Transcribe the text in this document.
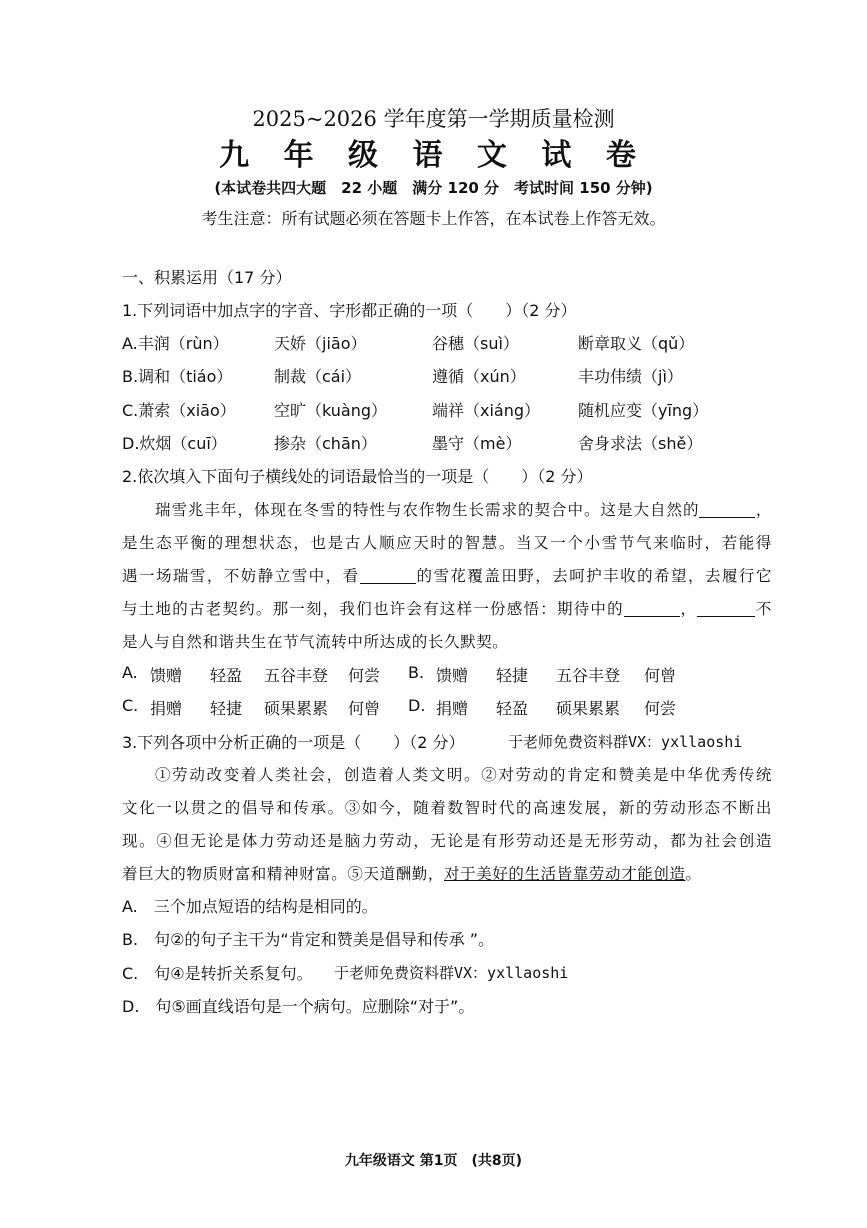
2025~2026 学年度第一学期质量检测
九 年 级 语 文 试 卷
(本试卷共四大题　22 小题　满分 120 分　考试时间 150 分钟)
考生注意：所有试题必须在答题卡上作答，在本试卷上作答无效。
一、积累运用（17 分）
1.下列词语中加点字的字音、字形都正确的一项（　　）（2 分）
A.丰润（rùn）	天娇（jiāo）	谷穗（suì）	断章取义（qǔ）
B.调和（tiáo）	制裁（cái）	遵循（xún）	丰功伟绩（jì）
C.萧索（xiāo） 空旷（kuàng）	端祥（xiáng） 随机应变（yīng）
D.炊烟（cuī）	掺杂（chān）	墨守（mè）	舍身求法（shě）
2.依次填入下面句子横线处的词语最恰当的一项是（　　）（2 分）
瑞雪兆丰年，体现在冬雪的特性与农作物生长需求的契合中。这是大自然的	，
是生态平衡的理想状态，也是古人顺应天时的智慧。当又一个小雪节气来临时，若能得
遇一场瑞雪，不妨静立雪中，看	的雪花覆盖田野，去呵护丰收的希望，去履行它
与土地的古老契约。那一刻，我们也许会有这样一份感悟：期待中的	，	不
是人与自然和谐共生在节气流转中所达成的长久默契。
A. 馈赠 轻盈 五谷丰登 何尝 B. 馈赠 轻捷 五谷丰登 何曾
C. 捐赠 轻捷 硕果累累 何曾 D. 捐赠 轻盈 硕果累累 何尝
3.下列各项中分析正确的一项是（　　）（2 分）	于老师免费资料群VX：yxllaoshi
①劳动改变着人类社会，创造着人类文明。②对劳动的肯定和赞美是中华优秀传统
文化一以贯之的倡导和传承。③如今，随着数智时代的高速发展，新的劳动形态不断出
现。④但无论是体力劳动还是脑力劳动，无论是有形劳动还是无形劳动，都为社会创造
着巨大的物质财富和精神财富。⑤天道酬勤，对于美好的生活皆靠劳动才能创造。
A.　三个加点短语的结构是相同的。
B.　句②的句子主干为“肯定和赞美是倡导和传承 ”。
C.　句④是转折关系复句。 于老师免费资料群VX：yxllaoshi
D.　句⑤画直线语句是一个病句。应删除“对于”。
九年级语文 第1页　(共8页)
